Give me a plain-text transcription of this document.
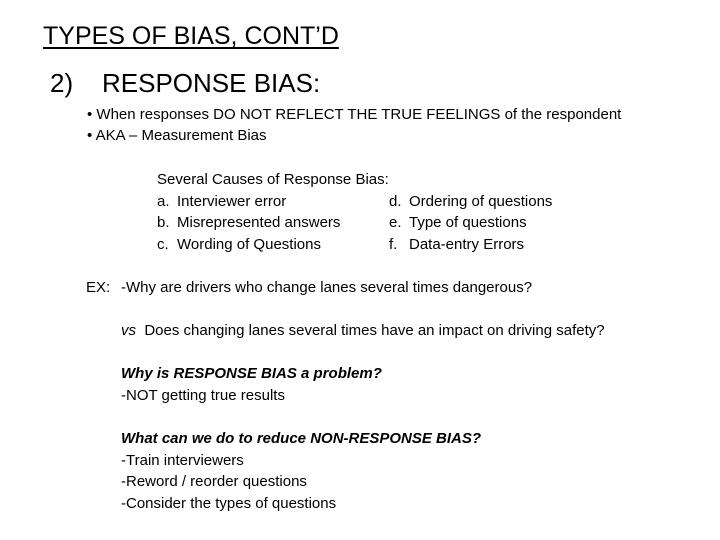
TYPES OF BIAS, CONT’D
2) RESPONSE BIAS:
• When responses DO NOT REFLECT THE TRUE FEELINGS of the respondent
• AKA – Measurement Bias
Several Causes of Response Bias:
a. Interviewer error	d. Ordering of questions
b. Misrepresented answers	e. Type of questions
c. Wording of Questions	f. Data-entry Errors
EX: -Why are drivers who change lanes several times dangerous?
vs Does changing lanes several times have an impact on driving safety?
Why is RESPONSE BIAS a problem?
-NOT getting true results
What can we do to reduce NON-RESPONSE BIAS?
-Train interviewers
-Reword / reorder questions
-Consider the types of questions
